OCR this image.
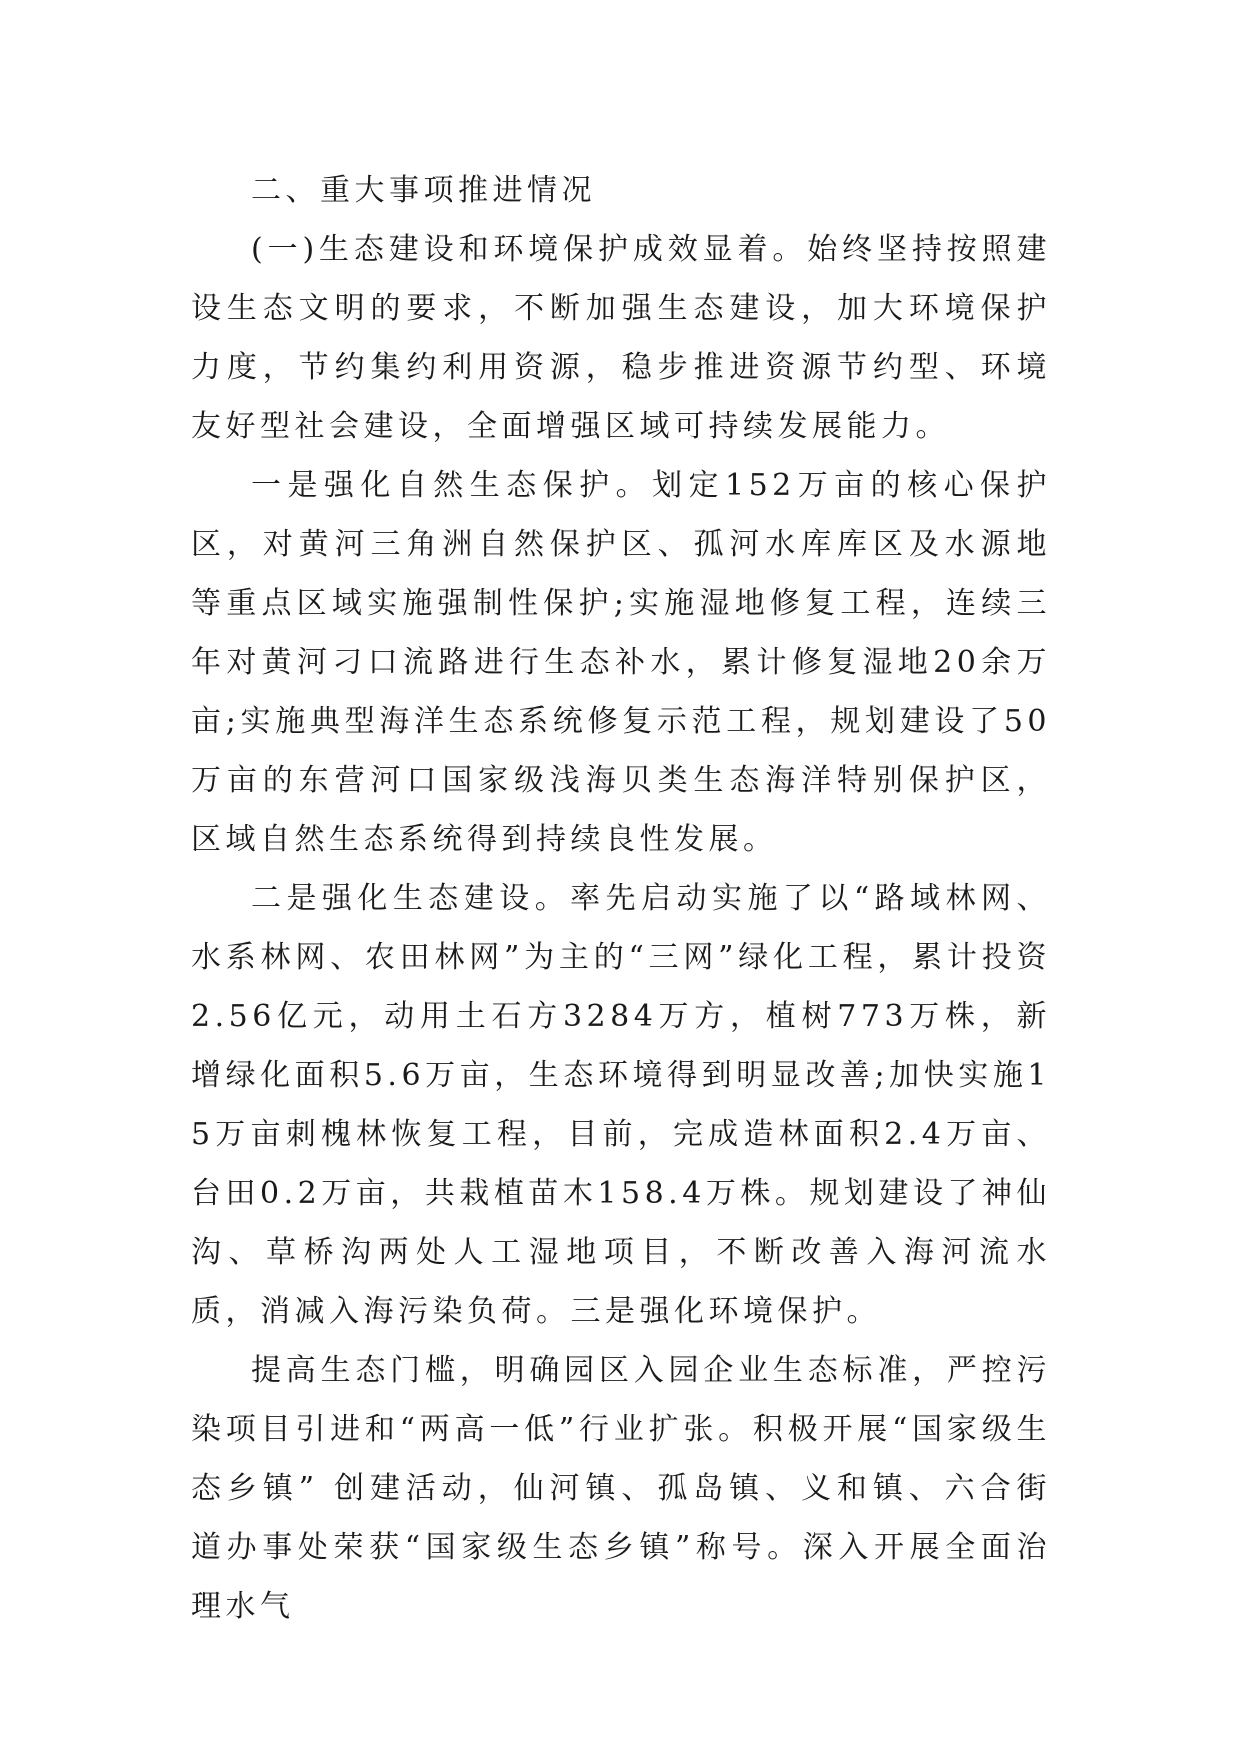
二、重大事项推进情况

(一)生态建设和环境保护成效显着。始终坚持按照建设生态文明的要求，不断加强生态建设，加大环境保护力度，节约集约利用资源，稳步推进资源节约型、环境友好型社会建设，全面增强区域可持续发展能力。

一是强化自然生态保护。划定152万亩的核心保护区，对黄河三角洲自然保护区、孤河水库库区及水源地等重点区域实施强制性保护;实施湿地修复工程，连续三年对黄河刁口流路进行生态补水，累计修复湿地20余万亩;实施典型海洋生态系统修复示范工程，规划建设了50万亩的东营河口国家级浅海贝类生态海洋特别保护区，区域自然生态系统得到持续良性发展。

二是强化生态建设。率先启动实施了以“路域林网、水系林网、农田林网”为主的“三网”绿化工程，累计投资2.56亿元，动用土石方3284万方，植树773万株，新增绿化面积5.6万亩，生态环境得到明显改善;加快实施15万亩刺槐林恢复工程，目前，完成造林面积2.4万亩、台田0.2万亩，共栽植苗木158.4万株。规划建设了神仙沟、草桥沟两处人工湿地项目，不断改善入海河流水质，消减入海污染负荷。三是强化环境保护。

提高生态门槛，明确园区入园企业生态标准，严控污染项目引进和“两高一低”行业扩张。积极开展“国家级生态乡镇” 创建活动，仙河镇、孤岛镇、义和镇、六合街道办事处荣获“国家级生态乡镇”称号。深入开展全面治理水气
